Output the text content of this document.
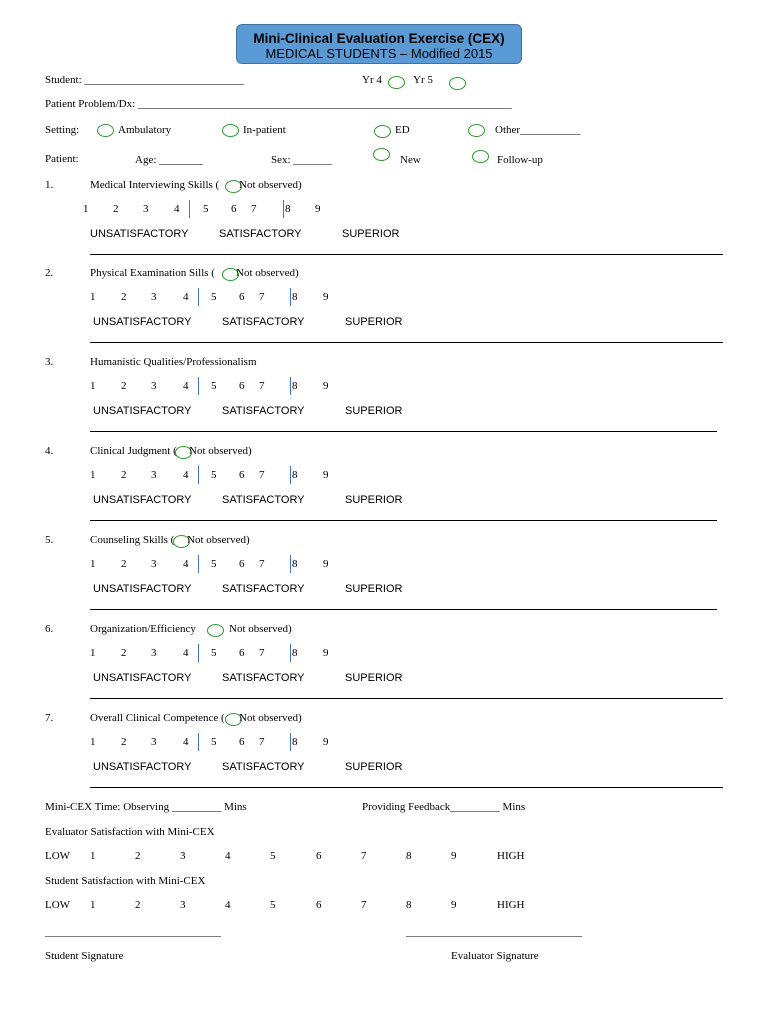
Mini-Clinical Evaluation Exercise (CEX)
MEDICAL STUDENTS – Modified 2015
Student: _____________________________	Yr 4	Yr 5
Patient Problem/Dx: ____________________________________________________________________
Setting:	Ambulatory	In-patient	ED	Other___________
Patient:	Age: ________	Sex: _______	New	Follow-up
1.	Medical Interviewing Skills ( Not observed)
1 2 3 4 5 6 7	8 9
UNSATISFACTORY	SATISFACTORY	SUPERIOR
2.	Physical Examination Sills ( Not observed)
1 2 3 4 5 6 7	8 9
UNSATISFACTORY	SATISFACTORY	SUPERIOR
3.	Humanistic Qualities/Professionalism
1 2 3 4 5 6 7	8 9
UNSATISFACTORY	SATISFACTORY	SUPERIOR
4.	Clinical Judgment ( Not observed)
1 2 3 4 5 6 7	8 9
UNSATISFACTORY	SATISFACTORY	SUPERIOR
5.	Counseling Skills ( Not observed)
1 2 3 4 5 6 7	8 9
UNSATISFACTORY	SATISFACTORY	SUPERIOR
6.	Organization/Efficiency	Not observed)
1 2 3 4 5 6 7	8 9
UNSATISFACTORY	SATISFACTORY	SUPERIOR
7.	Overall Clinical Competence ( Not observed)
1 2 3 4 5 6 7	8 9
UNSATISFACTORY	SATISFACTORY	SUPERIOR
Mini-CEX Time: Observing _________ Mins	Providing Feedback_________ Mins
Evaluator Satisfaction with Mini-CEX
LOW 1	2	3	4	5	6	7	8	9	HIGH
Student Satisfaction with Mini-CEX
LOW 1	2	3	4	5	6	7	8	9	HIGH
________________________________	________________________________
Student Signature	Evaluator Signature
